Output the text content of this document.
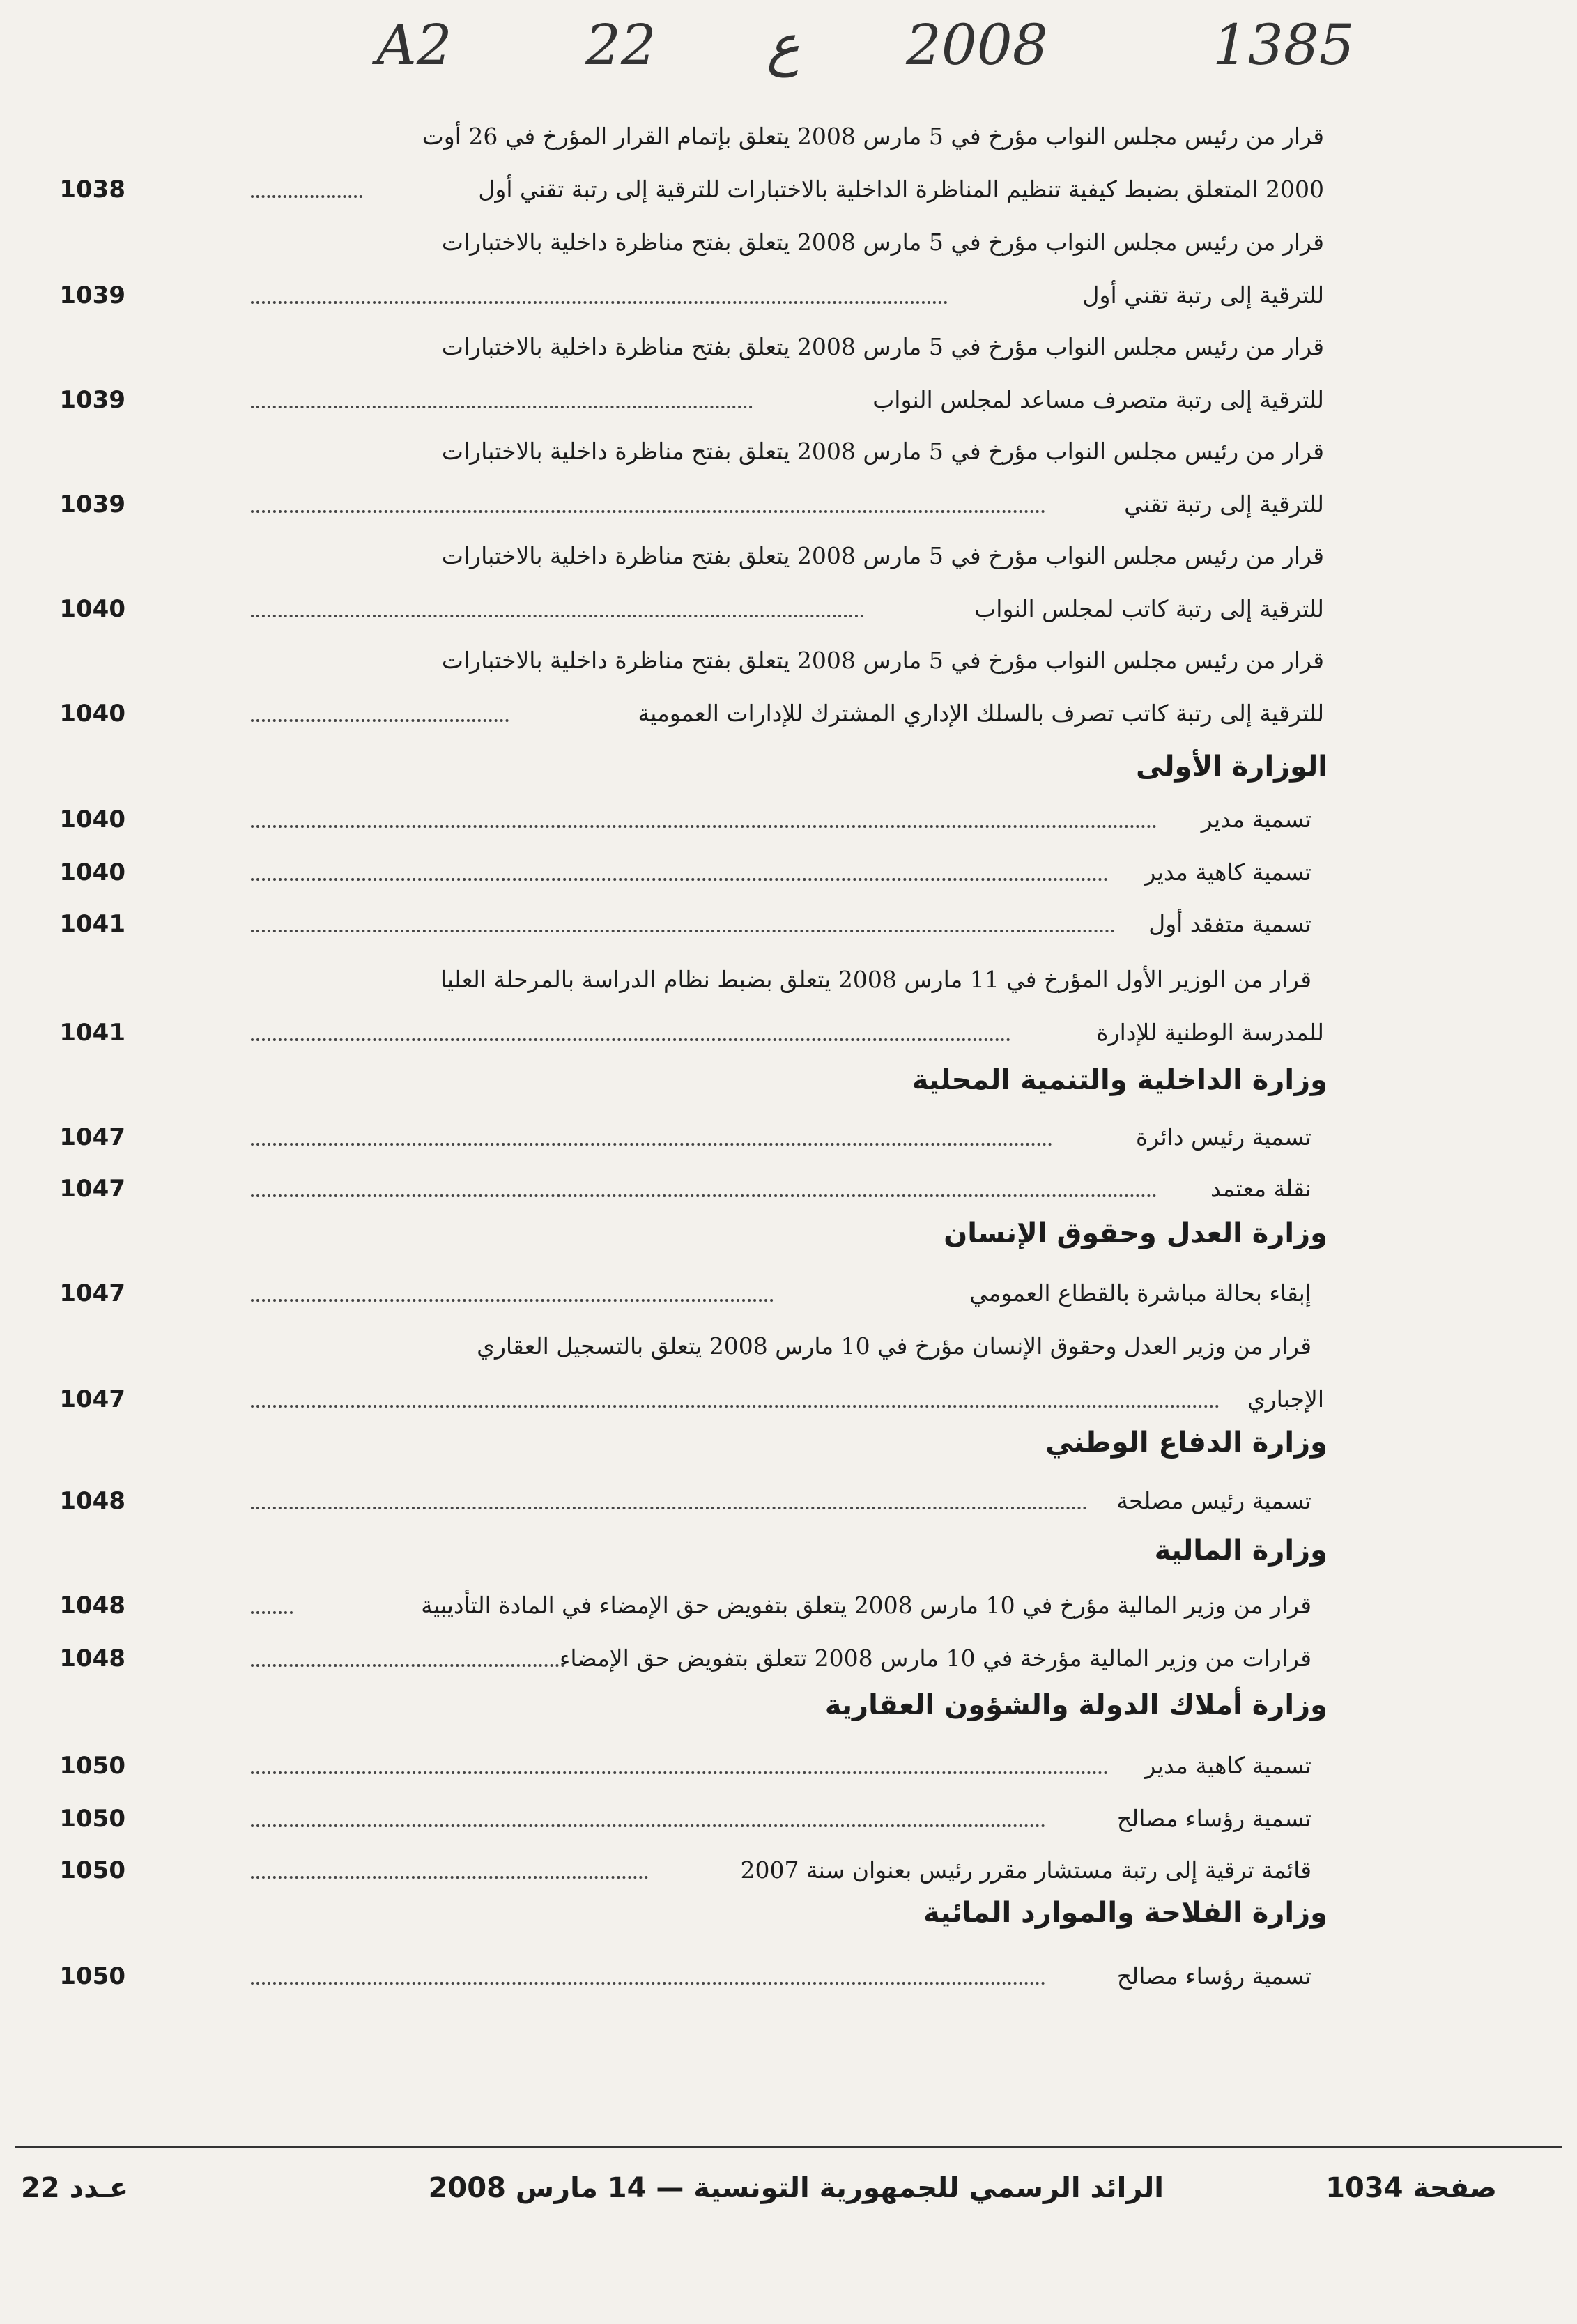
A2 22 ع 2008	1385
قرار من رئيس مجلس النواب مؤرخ في 5 مارس 2008 يتعلق بإتمام القرار المؤرخ في 26 أوت
2000 المتعلق بضبط كيفية تنظيم المناظرة الداخلية بالاختبارات للترقية إلى رتبة تقني أول
1038
قرار من رئيس مجلس النواب مؤرخ في 5 مارس 2008 يتعلق بفتح مناظرة داخلية بالاختبارات
للترقية إلى رتبة تقني أول
1039
قرار من رئيس مجلس النواب مؤرخ في 5 مارس 2008 يتعلق بفتح مناظرة داخلية بالاختبارات
للترقية إلى رتبة متصرف مساعد لمجلس النواب
1039
قرار من رئيس مجلس النواب مؤرخ في 5 مارس 2008 يتعلق بفتح مناظرة داخلية بالاختبارات
للترقية إلى رتبة تقني
1039
قرار من رئيس مجلس النواب مؤرخ في 5 مارس 2008 يتعلق بفتح مناظرة داخلية بالاختبارات
للترقية إلى رتبة كاتب لمجلس النواب
1040
قرار من رئيس مجلس النواب مؤرخ في 5 مارس 2008 يتعلق بفتح مناظرة داخلية بالاختبارات
للترقية إلى رتبة كاتب تصرف بالسلك الإداري المشترك للإدارات العمومية
1040
الوزارة الأولى
تسمية مدير
1040
تسمية كاهية مدير
1040
تسمية متفقد أول
1041
قرار من الوزير الأول المؤرخ في 11 مارس 2008 يتعلق بضبط نظام الدراسة بالمرحلة العليا
للمدرسة الوطنية للإدارة
1041
وزارة الداخلية والتنمية المحلية
تسمية رئيس دائرة
1047
نقلة معتمد
1047
وزارة العدل وحقوق الإنسان
إبقاء بحالة مباشرة بالقطاع العمومي
1047
قرار من وزير العدل وحقوق الإنسان مؤرخ في 10 مارس 2008 يتعلق بالتسجيل العقاري
الإجباري
1047
وزارة الدفاع الوطني
تسمية رئيس مصلحة
1048
وزارة المالية
قرار من وزير المالية مؤرخ في 10 مارس 2008 يتعلق بتفويض حق الإمضاء في المادة التأديبية
1048
قرارات من وزير المالية مؤرخة في 10 مارس 2008 تتعلق بتفويض حق الإمضاء
1048
وزارة أملاك الدولة والشؤون العقارية
تسمية كاهية مدير
1050
تسمية رؤساء مصالح
1050
قائمة ترقية إلى رتبة مستشار مقرر رئيس بعنوان سنة 2007
1050
وزارة الفلاحة والموارد المائية
تسمية رؤساء مصالح
1050
صفحة 1034
الرائد الرسمي للجمهورية التونسية — 14 مارس 2008
عـدد 22
